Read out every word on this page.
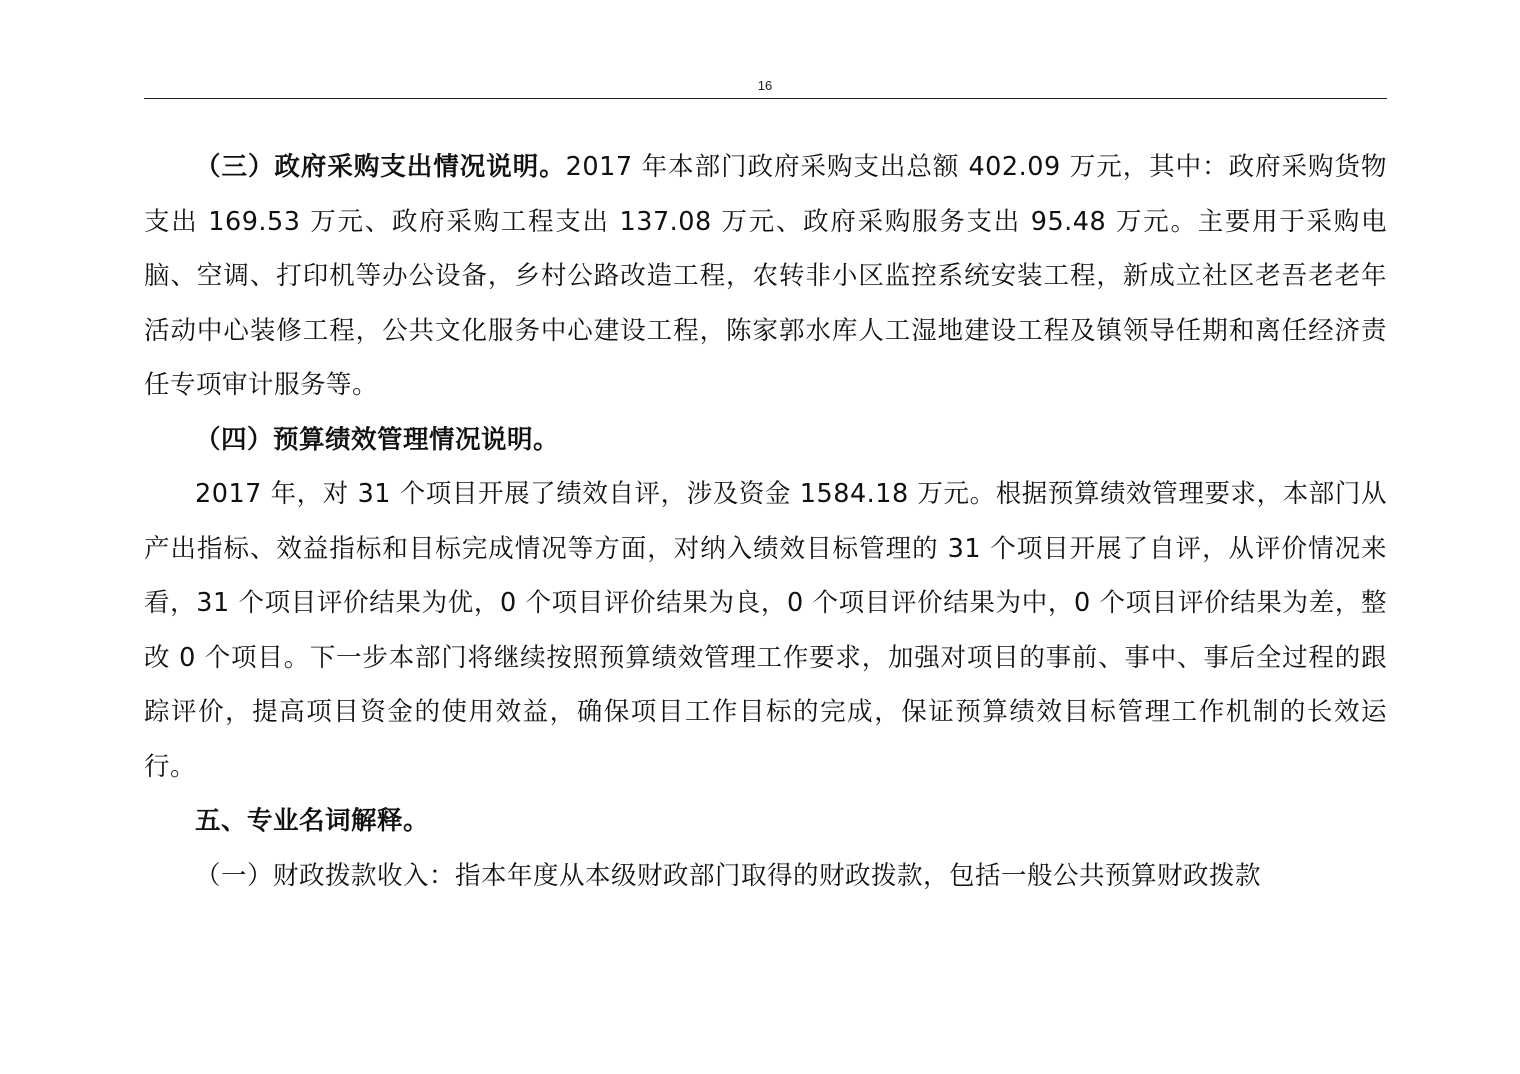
16

（三）政府采购支出情况说明。2017 年本部门政府采购支出总额 402.09 万元，其中：政府采购货物支出 169.53 万元、政府采购工程支出 137.08 万元、政府采购服务支出 95.48 万元。主要用于采购电脑、空调、打印机等办公设备，乡村公路改造工程，农转非小区监控系统安装工程，新成立社区老吾老老年活动中心装修工程，公共文化服务中心建设工程，陈家郭水库人工湿地建设工程及镇领导任期和离任经济责任专项审计服务等。

（四）预算绩效管理情况说明。

2017 年，对 31 个项目开展了绩效自评，涉及资金 1584.18 万元。根据预算绩效管理要求，本部门从产出指标、效益指标和目标完成情况等方面，对纳入绩效目标管理的 31 个项目开展了自评，从评价情况来看，31 个项目评价结果为优，0 个项目评价结果为良，0 个项目评价结果为中，0 个项目评价结果为差，整改 0 个项目。下一步本部门将继续按照预算绩效管理工作要求，加强对项目的事前、事中、事后全过程的跟踪评价，提高项目资金的使用效益，确保项目工作目标的完成，保证预算绩效目标管理工作机制的长效运行。

五、专业名词解释。

（一）财政拨款收入：指本年度从本级财政部门取得的财政拨款，包括一般公共预算财政拨款
